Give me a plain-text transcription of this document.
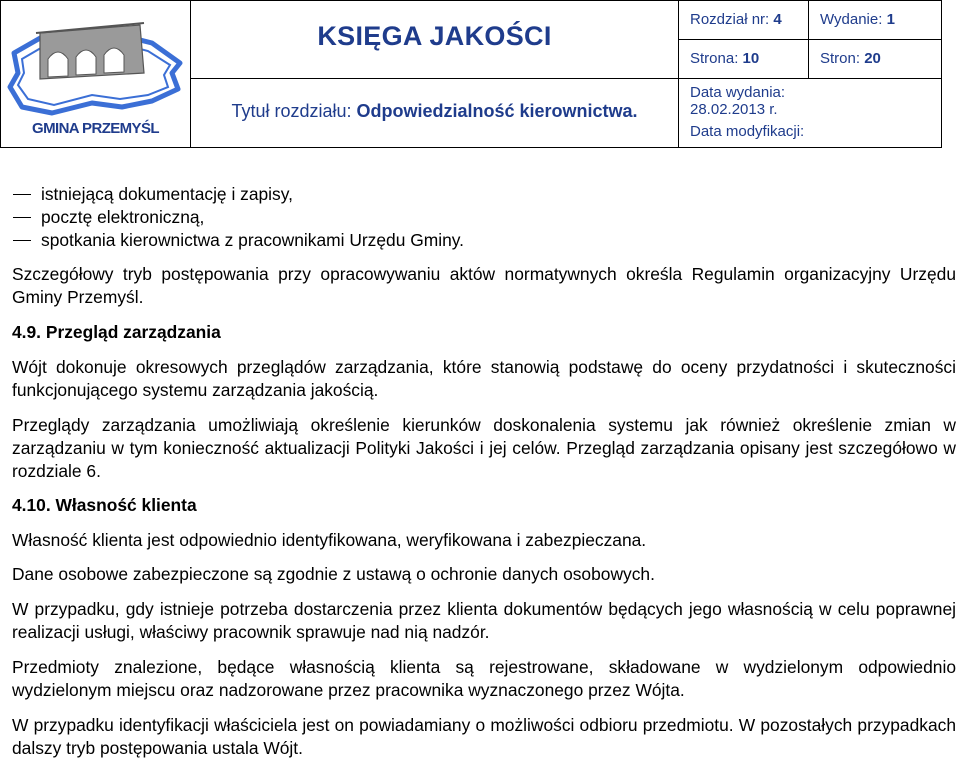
GMINA PRZEMYŚL
KSIĘGA JAKOŚCI
Tytuł rozdziału: Odpowiedzialność kierownictwa.
Rozdział nr: 4	Wydanie: 1
Strona: 10	Stron: 20
Data wydania:
28.02.2013 r.
Data modyfikacji:
istniejącą dokumentację i zapisy,
pocztę elektroniczną,
spotkania kierownictwa z pracownikami Urzędu Gminy.

Szczegółowy tryb postępowania przy opracowywaniu aktów normatywnych określa Regulamin organizacyjny Urzędu Gminy Przemyśl.

4.9. Przegląd zarządzania

Wójt dokonuje okresowych przeglądów zarządzania, które stanowią podstawę do oceny przydatności i skuteczności funkcjonującego systemu zarządzania jakością.

Przeglądy zarządzania umożliwiają określenie kierunków doskonalenia systemu jak również określenie zmian w zarządzaniu w tym konieczność aktualizacji Polityki Jakości i jej celów. Przegląd zarządzania opisany jest szczegółowo w rozdziale 6.

4.10. Własność klienta

Własność klienta jest odpowiednio identyfikowana, weryfikowana i zabezpieczana.

Dane osobowe zabezpieczone są zgodnie z ustawą o ochronie danych osobowych.

W przypadku, gdy istnieje potrzeba dostarczenia przez klienta dokumentów będących jego własnością w celu poprawnej realizacji usługi, właściwy pracownik sprawuje nad nią nadzór.

Przedmioty znalezione, będące własnością klienta są rejestrowane, składowane w wydzielonym odpowiednio wydzielonym miejscu oraz nadzorowane przez pracownika wyznaczonego przez Wójta.

W przypadku identyfikacji właściciela jest on powiadamiany o możliwości odbioru przedmiotu. W pozostałych przypadkach dalszy tryb postępowania ustala Wójt.
